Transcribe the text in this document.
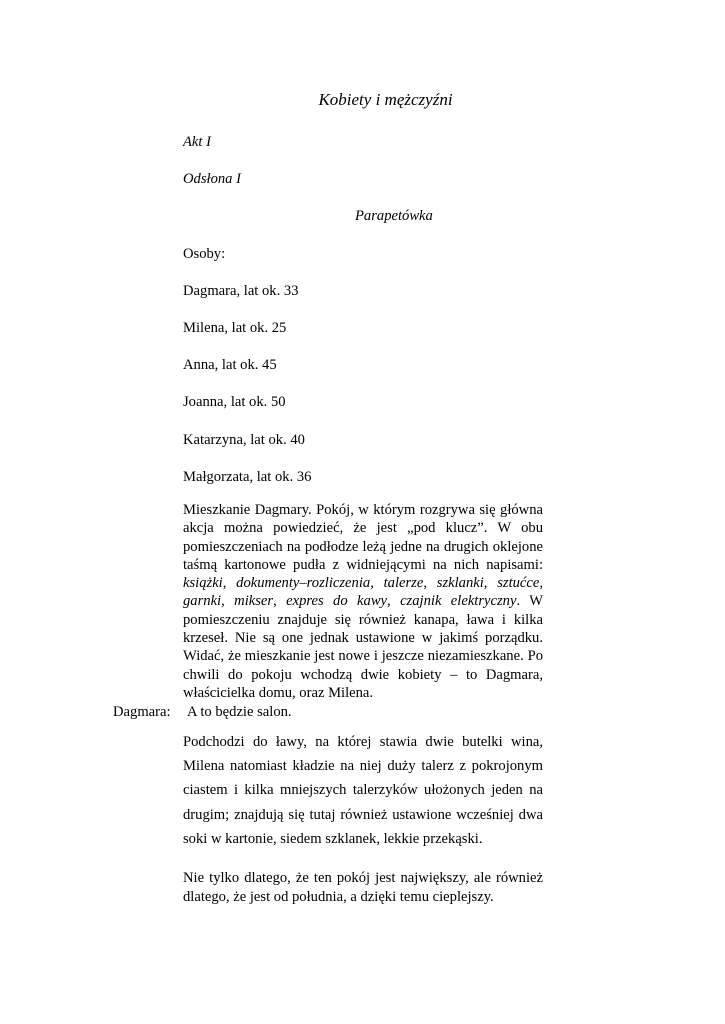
Kobiety i mężczyźni
Akt I
Odsłona I
Parapetówka
Osoby:
Dagmara, lat ok. 33
Milena, lat ok. 25
Anna, lat ok. 45
Joanna, lat ok. 50
Katarzyna, lat ok. 40
Małgorzata, lat ok. 36

Mieszkanie Dagmary. Pokój, w którym rozgrywa się główna akcja można powiedzieć, że jest „pod klucz”. W obu pomieszczeniach na podłodze leżą jedne na drugich oklejone taśmą kartonowe pudła z widniejącymi na nich napisami: książki, dokumenty–rozliczenia, talerze, szklanki, sztućce, garnki, mikser, expres do kawy, czajnik elektryczny. W pomieszczeniu znajduje się również kanapa, ława i kilka krzeseł. Nie są one jednak ustawione w jakimś porządku. Widać, że mieszkanie jest nowe i jeszcze niezamieszkane. Po chwili do pokoju wchodzą dwie kobiety – to Dagmara, właścicielka domu, oraz Milena.

Dagmara: A to będzie salon.

Podchodzi do ławy, na której stawia dwie butelki wina, Milena natomiast kładzie na niej duży talerz z pokrojonym ciastem i kilka mniejszych talerzyków ułożonych jeden na drugim; znajdują się tutaj również ustawione wcześniej dwa soki w kartonie, siedem szklanek, lekkie przekąski.

Nie tylko dlatego, że ten pokój jest największy, ale również dlatego, że jest od południa, a dzięki temu cieplejszy.
